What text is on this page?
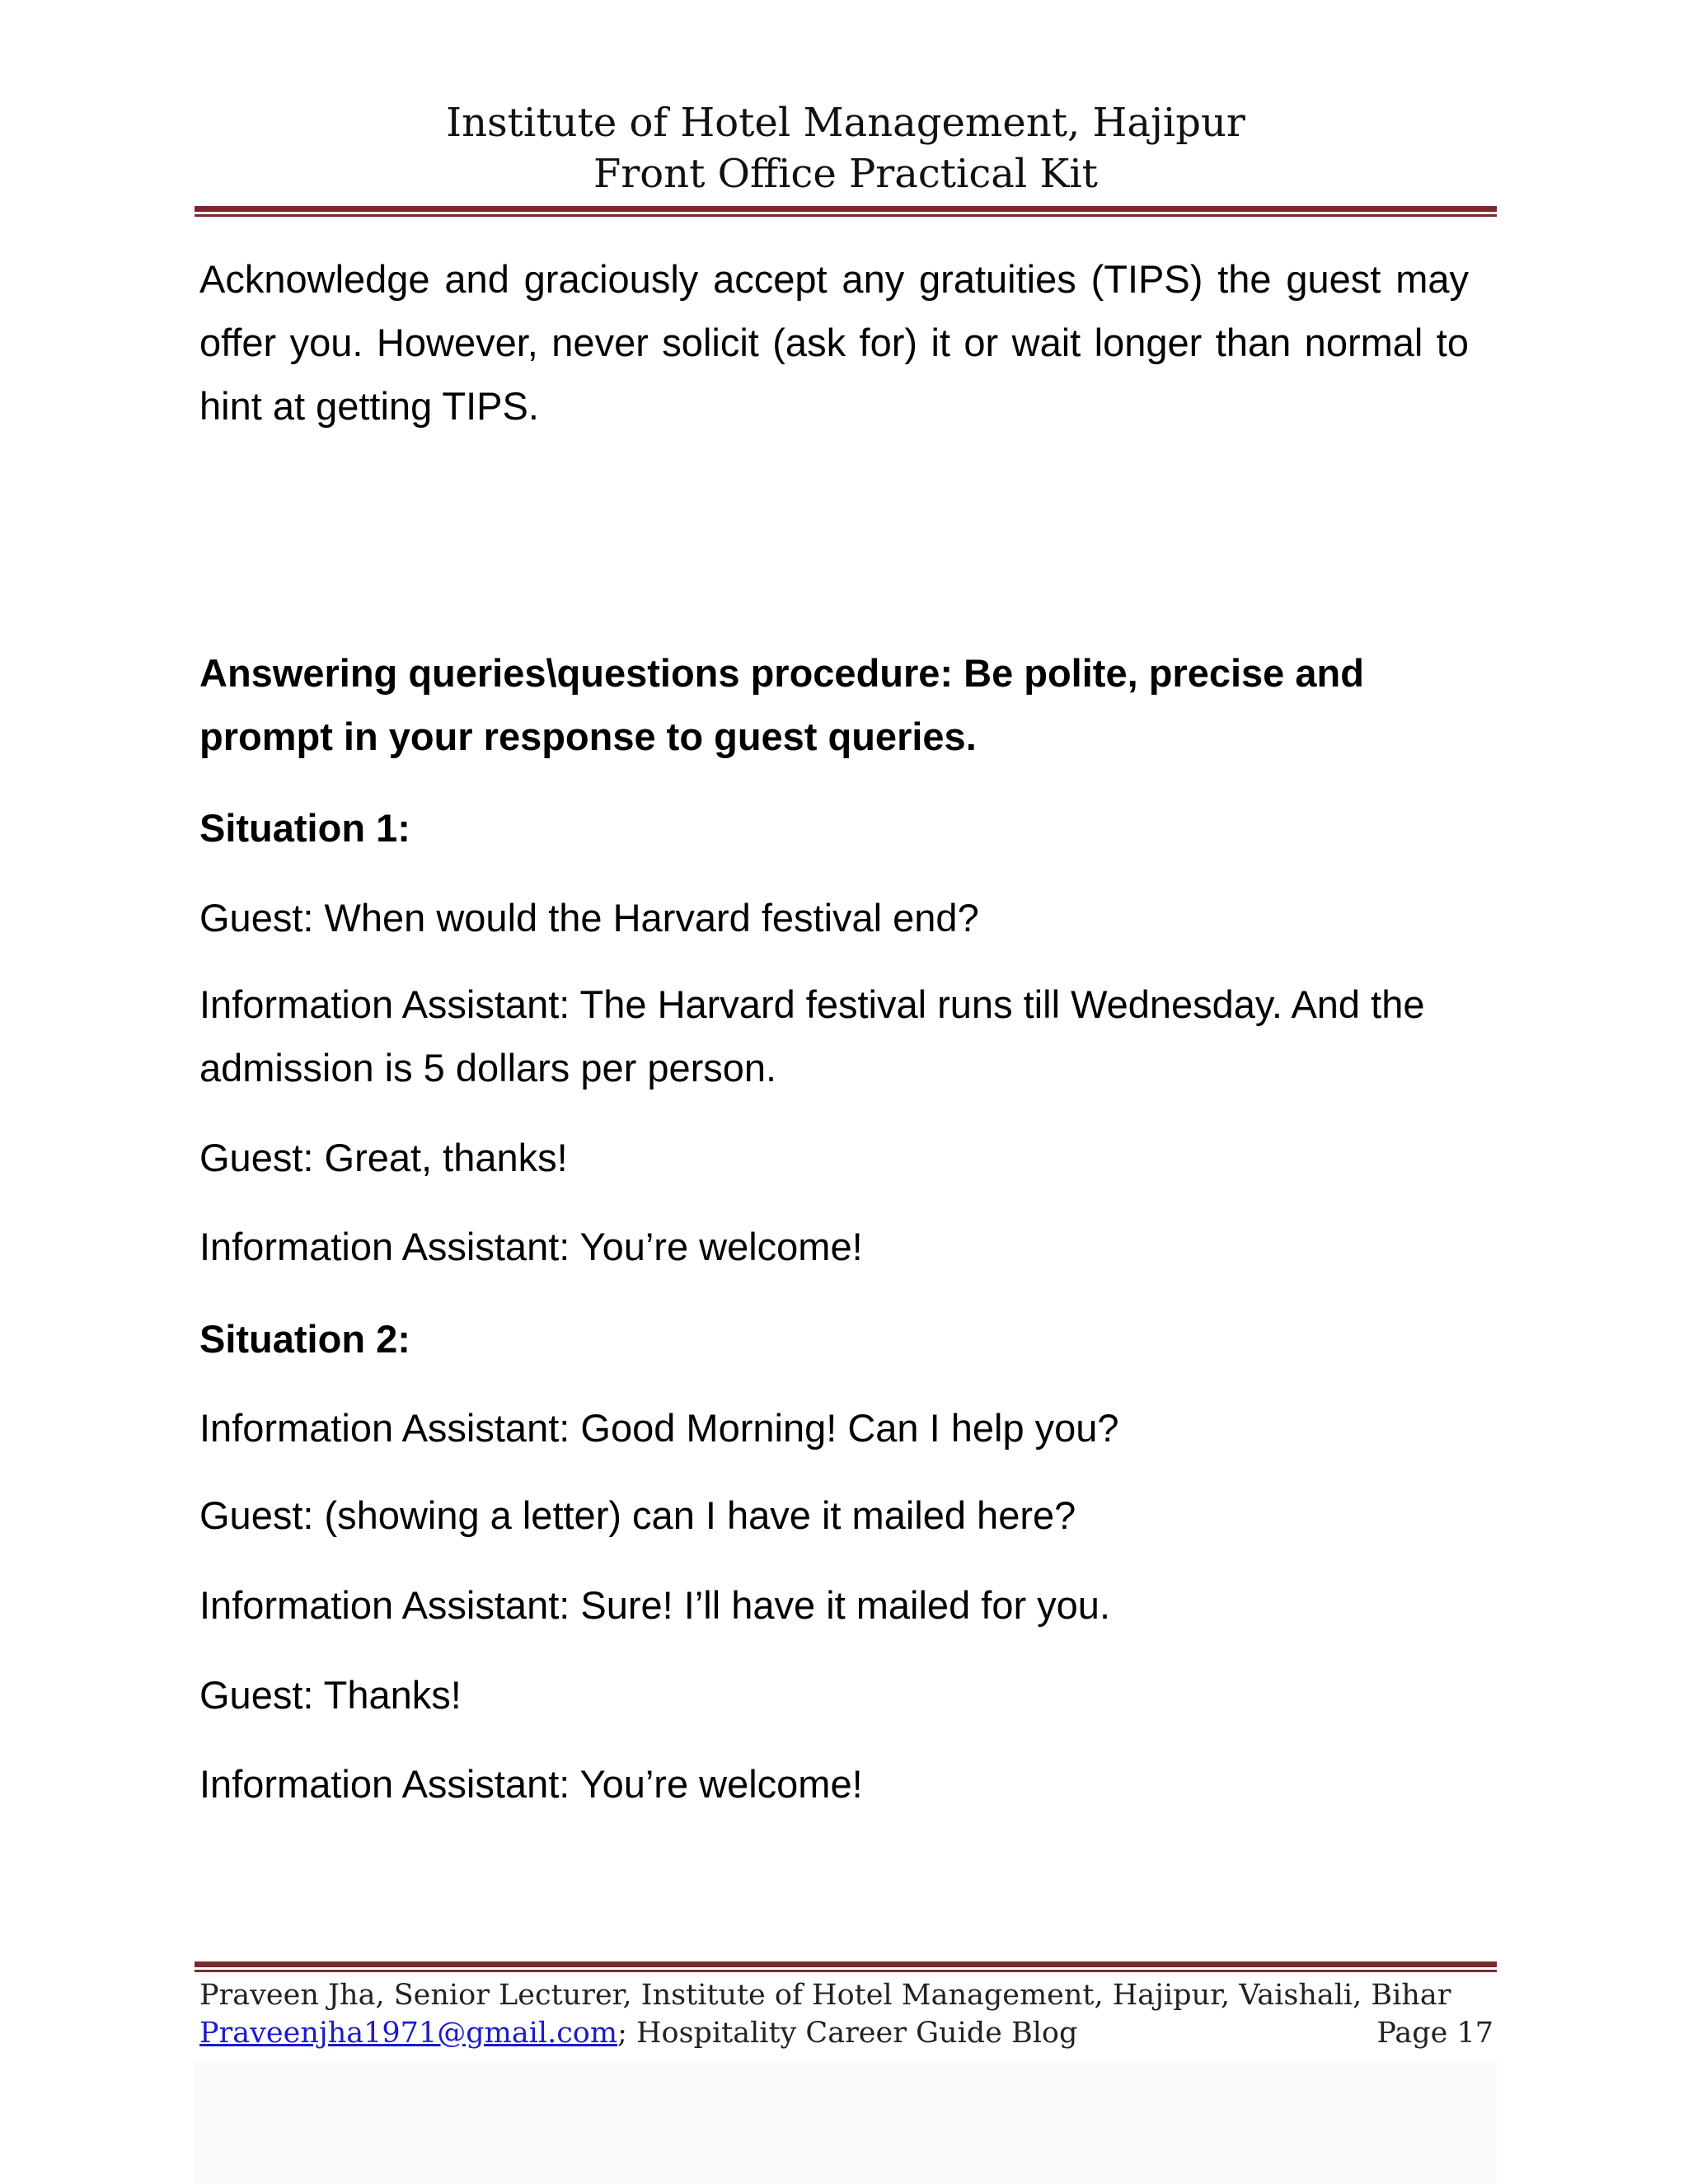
Institute of Hotel Management, Hajipur
Front Office Practical Kit

Acknowledge and graciously accept any gratuities (TIPS) the guest may offer you. However, never solicit (ask for) it or wait longer than normal to hint at getting TIPS.

Answering queries\questions procedure: Be polite, precise and prompt in your response to guest queries.

Situation 1:

Guest: When would the Harvard festival end?

Information Assistant: The Harvard festival runs till Wednesday. And the admission is 5 dollars per person.

Guest: Great, thanks!

Information Assistant: You’re welcome!

Situation 2:

Information Assistant: Good Morning! Can I help you?

Guest: (showing a letter) can I have it mailed here?

Information Assistant: Sure! I’ll have it mailed for you.

Guest: Thanks!

Information Assistant: You’re welcome!

Praveen Jha, Senior Lecturer, Institute of Hotel Management, Hajipur, Vaishali, Bihar
Praveenjha1971@gmail.com; Hospitality Career Guide Blog	Page 17
